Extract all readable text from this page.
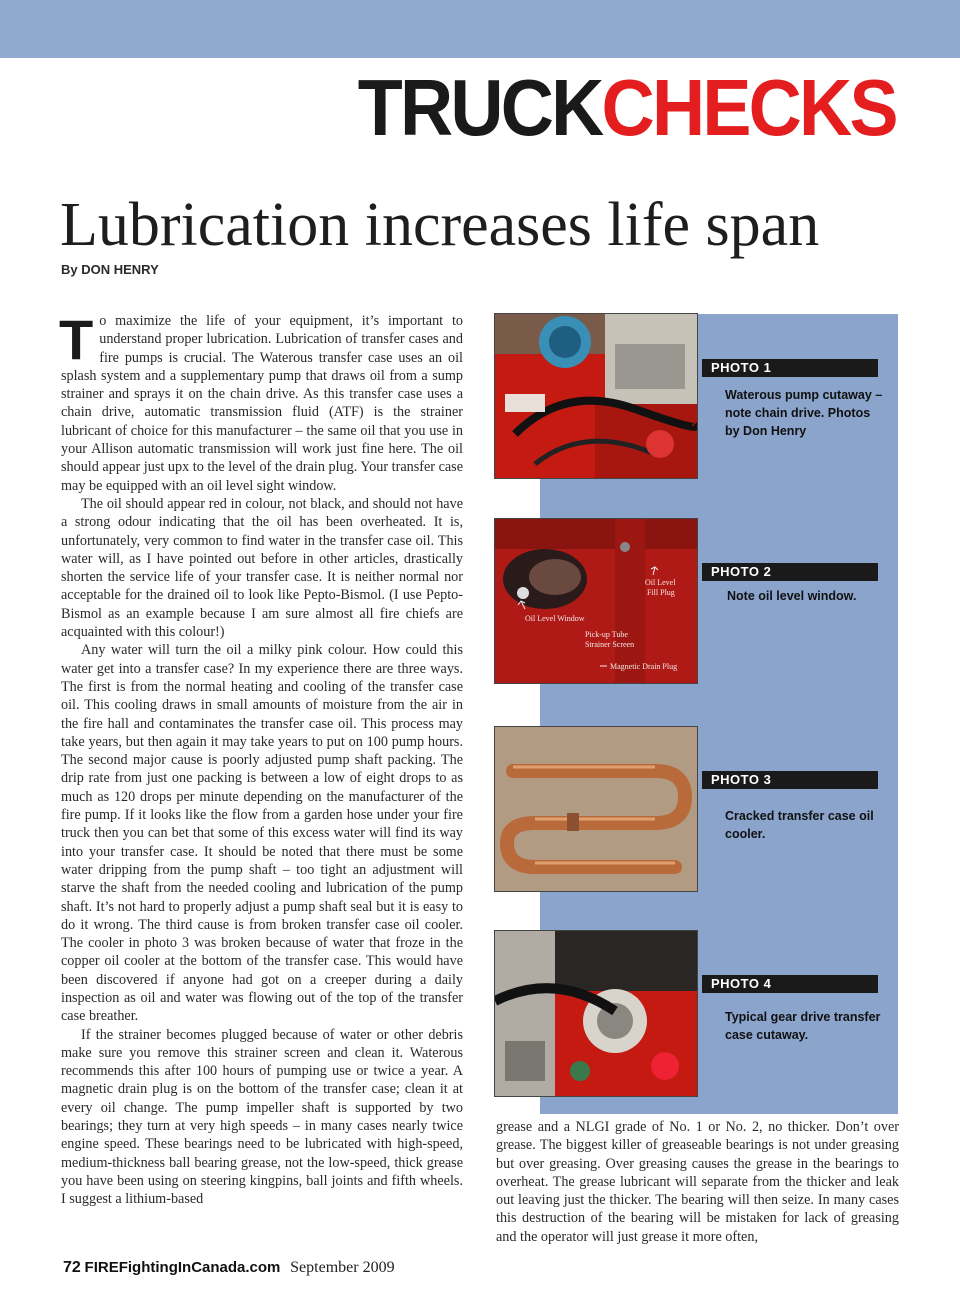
TRUCKCHECKS
Lubrication increases life span
By DON HENRY

To maximize the life of your equipment, it’s important to understand proper lubrication. Lubrication of transfer cases and fire pumps is crucial. The Waterous transfer case uses an oil splash system and a supplementary pump that draws oil from a sump strainer and sprays it on the chain drive. As this transfer case uses a chain drive, automatic transmission fluid (ATF) is the strainer lubricant of choice for this manufacturer – the same oil that you use in your Allison automatic transmission will work just fine here. The oil should appear just upx to the level of the drain plug. Your transfer case may be equipped with an oil level sight window.

The oil should appear red in colour, not black, and should not have a strong odour indicating that the oil has been overheated. It is, unfortunately, very common to find water in the transfer case oil. This water will, as I have pointed out before in other articles, drastically shorten the service life of your transfer case. It is neither normal nor acceptable for the drained oil to look like Pepto-Bismol. (I use Pepto-Bismol as an example because I am sure almost all fire chiefs are acquainted with this colour!)

Any water will turn the oil a milky pink colour. How could this water get into a transfer case? In my experience there are three ways. The first is from the normal heating and cooling of the transfer case oil. This cooling draws in small amounts of moisture from the air in the fire hall and contaminates the transfer case oil. This process may take years, but then again it may take years to put on 100 pump hours. The second major cause is poorly adjusted pump shaft packing. The drip rate from just one packing is between a low of eight drops to as much as 120 drops per minute depending on the manufacturer of the fire pump. If it looks like the flow from a garden hose under your fire truck then you can bet that some of this excess water will find its way into your transfer case. It should be noted that there must be some water dripping from the pump shaft – too tight an adjustment will starve the shaft from the needed cooling and lubrication of the pump shaft. It’s not hard to properly adjust a pump shaft seal but it is easy to do it wrong. The third cause is from broken transfer case oil cooler. The cooler in photo 3 was broken because of water that froze in the copper oil cooler at the bottom of the transfer case. This would have been discovered if anyone had got on a creeper during a daily inspection as oil and water was flowing out of the top of the transfer case breather.

If the strainer becomes plugged because of water or other debris make sure you remove this strainer screen and clean it. Waterous recommends this after 100 hours of pumping use or twice a year. A magnetic drain plug is on the bottom of the transfer case; clean it at every oil change. The pump impeller shaft is supported by two bearings; they turn at very high speeds – in many cases nearly twice engine speed. These bearings need to be lubricated with high-speed, medium-thickness ball bearing grease, not the low-speed, thick grease you have been using on steering kingpins, ball joints and fifth wheels. I suggest a lithium-based

PHOTO 1
Waterous pump cutaway – note chain drive. Photos by Don Henry
Oil Level
Fill Plug
Oil Level Window
Pick-up Tube
Strainer Screen
Magnetic Drain Plug
PHOTO 2
Note oil level window.
PHOTO 3
Cracked transfer case oil cooler.
PHOTO 4
Typical gear drive transfer case cutaway.

grease and a NLGI grade of No. 1 or No. 2, no thicker. Don’t over grease. The biggest killer of greaseable bearings is not under greasing but over greasing. Over greasing causes the grease in the bearings to overheat. The grease lubricant will separate from the thicker and leak out leaving just the thicker. The bearing will then seize. In many cases this destruction of the bearing will be mistaken for lack of greasing and the operator will just grease it more often,

72 FIREFightingInCanada.com September 2009
